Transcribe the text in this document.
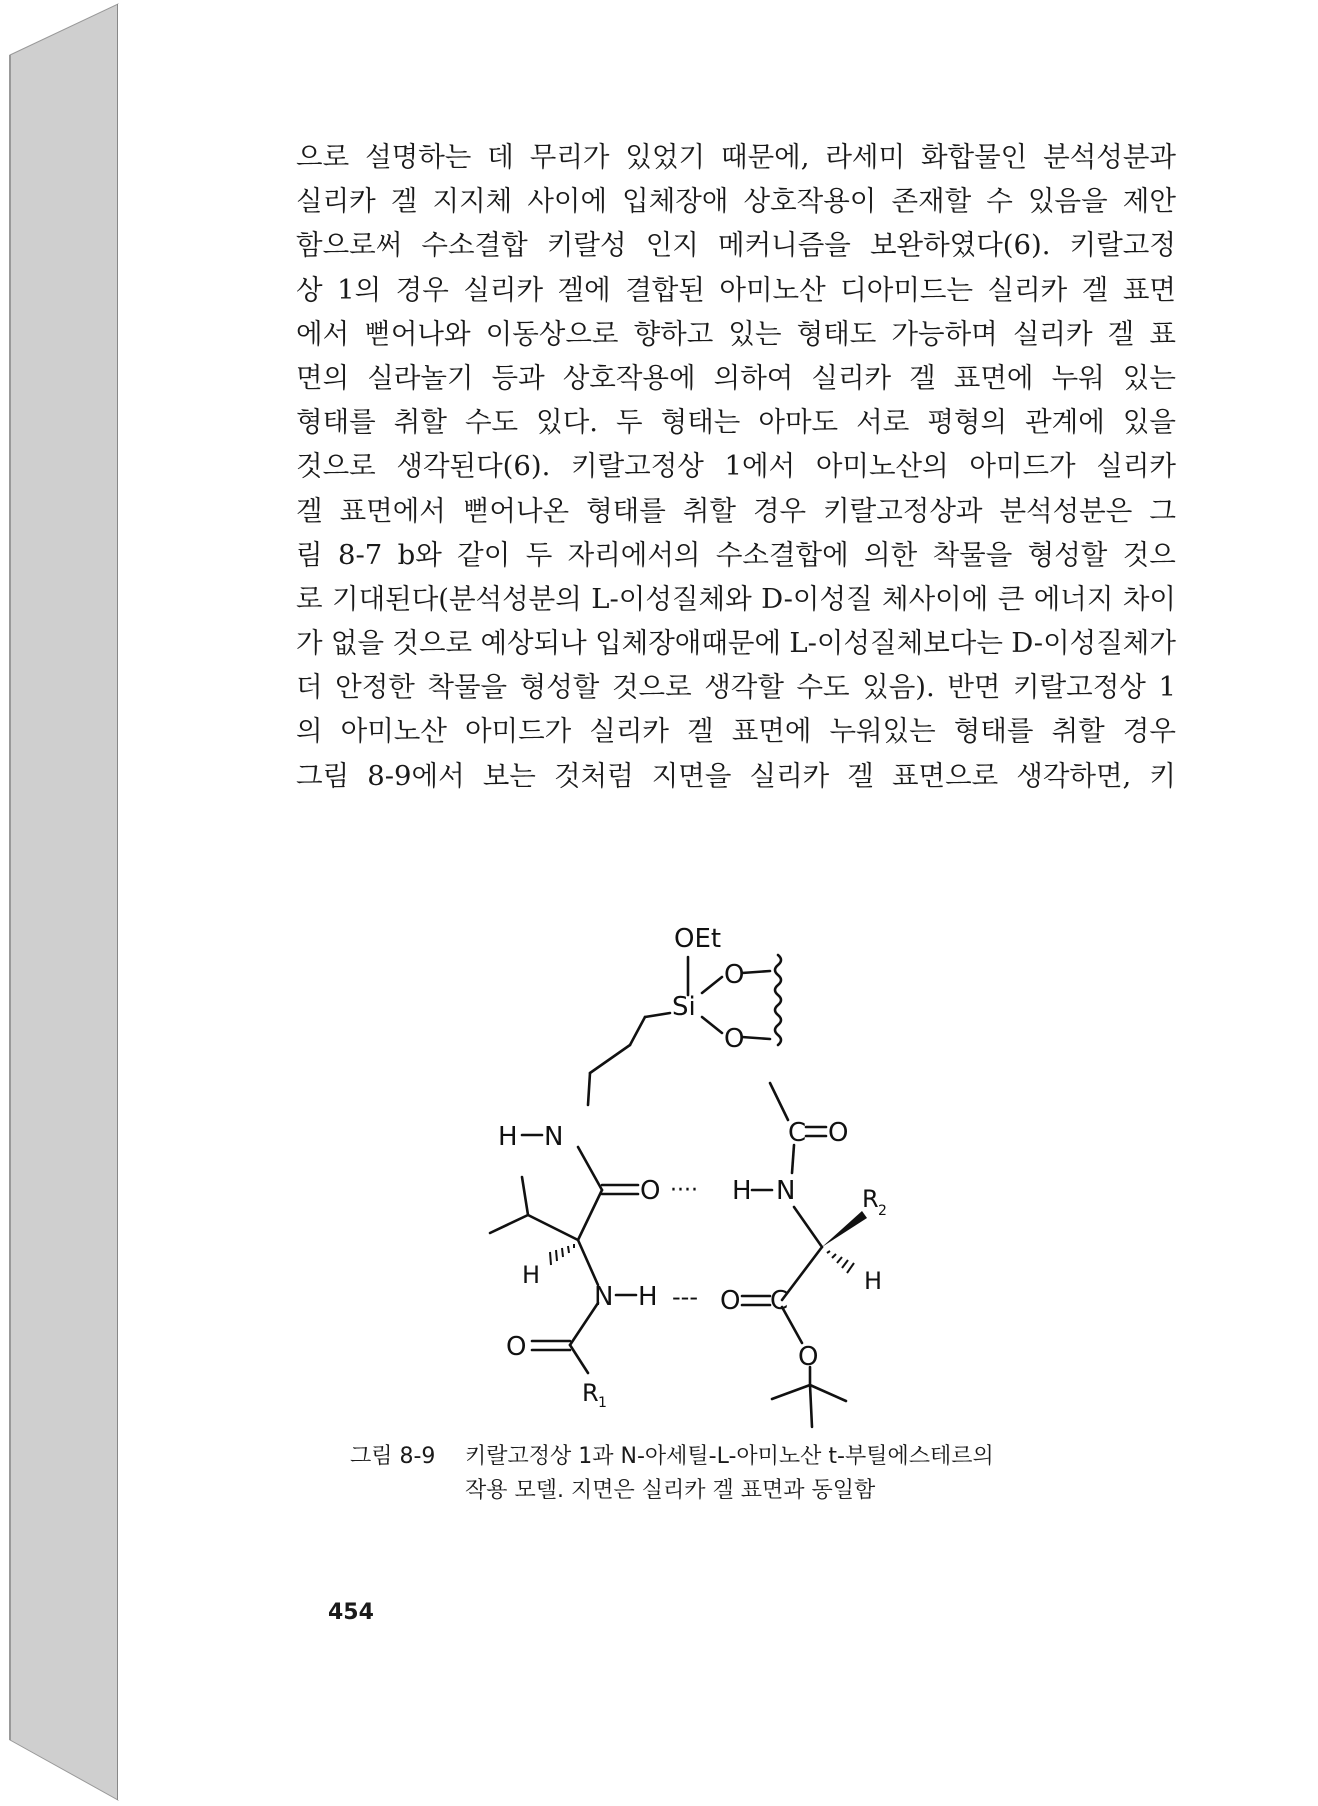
으로 설명하는 데 무리가 있었기 때문에, 라세미 화합물인 분석성분과
실리카 겔 지지체 사이에 입체장애 상호작용이 존재할 수 있음을 제안
함으로써 수소결합 키랄성 인지 메커니즘을 보완하였다(6). 키랄고정
상 1의 경우 실리카 겔에 결합된 아미노산 디아미드는 실리카 겔 표면
에서 뻗어나와 이동상으로 향하고 있는 형태도 가능하며 실리카 겔 표
면의 실라놀기 등과 상호작용에 의하여 실리카 겔 표면에 누워 있는
형태를 취할 수도 있다. 두 형태는 아마도 서로 평형의 관계에 있을
것으로 생각된다(6). 키랄고정상 1에서 아미노산의 아미드가 실리카
겔 표면에서 뻗어나온 형태를 취할 경우 키랄고정상과 분석성분은 그
림 8-7 b와 같이 두 자리에서의 수소결합에 의한 착물을 형성할 것으
로 기대된다(분석성분의 L-이성질체와 D-이성질 체사이에 큰 에너지 차이
가 없을 것으로 예상되나 입체장애때문에 L-이성질체보다는 D-이성질체가
더 안정한 착물을 형성할 것으로 생각할 수도 있음). 반면 키랄고정상 1
의 아미노산 아미드가 실리카 겔 표면에 누워있는 형태를 취할 경우
그림 8-9에서 보는 것처럼 지면을 실리카 겔 표면으로 생각하면, 키
OEt
Si
O
O
H N
O ···· H N
C O
R 2
H	H
N H --- O C
O
R 1
O
그림 8-9 키랄고정상 1과 N-아세틸-L-아미노산 t-부틸에스테르의
작용 모델. 지면은 실리카 겔 표면과 동일함
454
